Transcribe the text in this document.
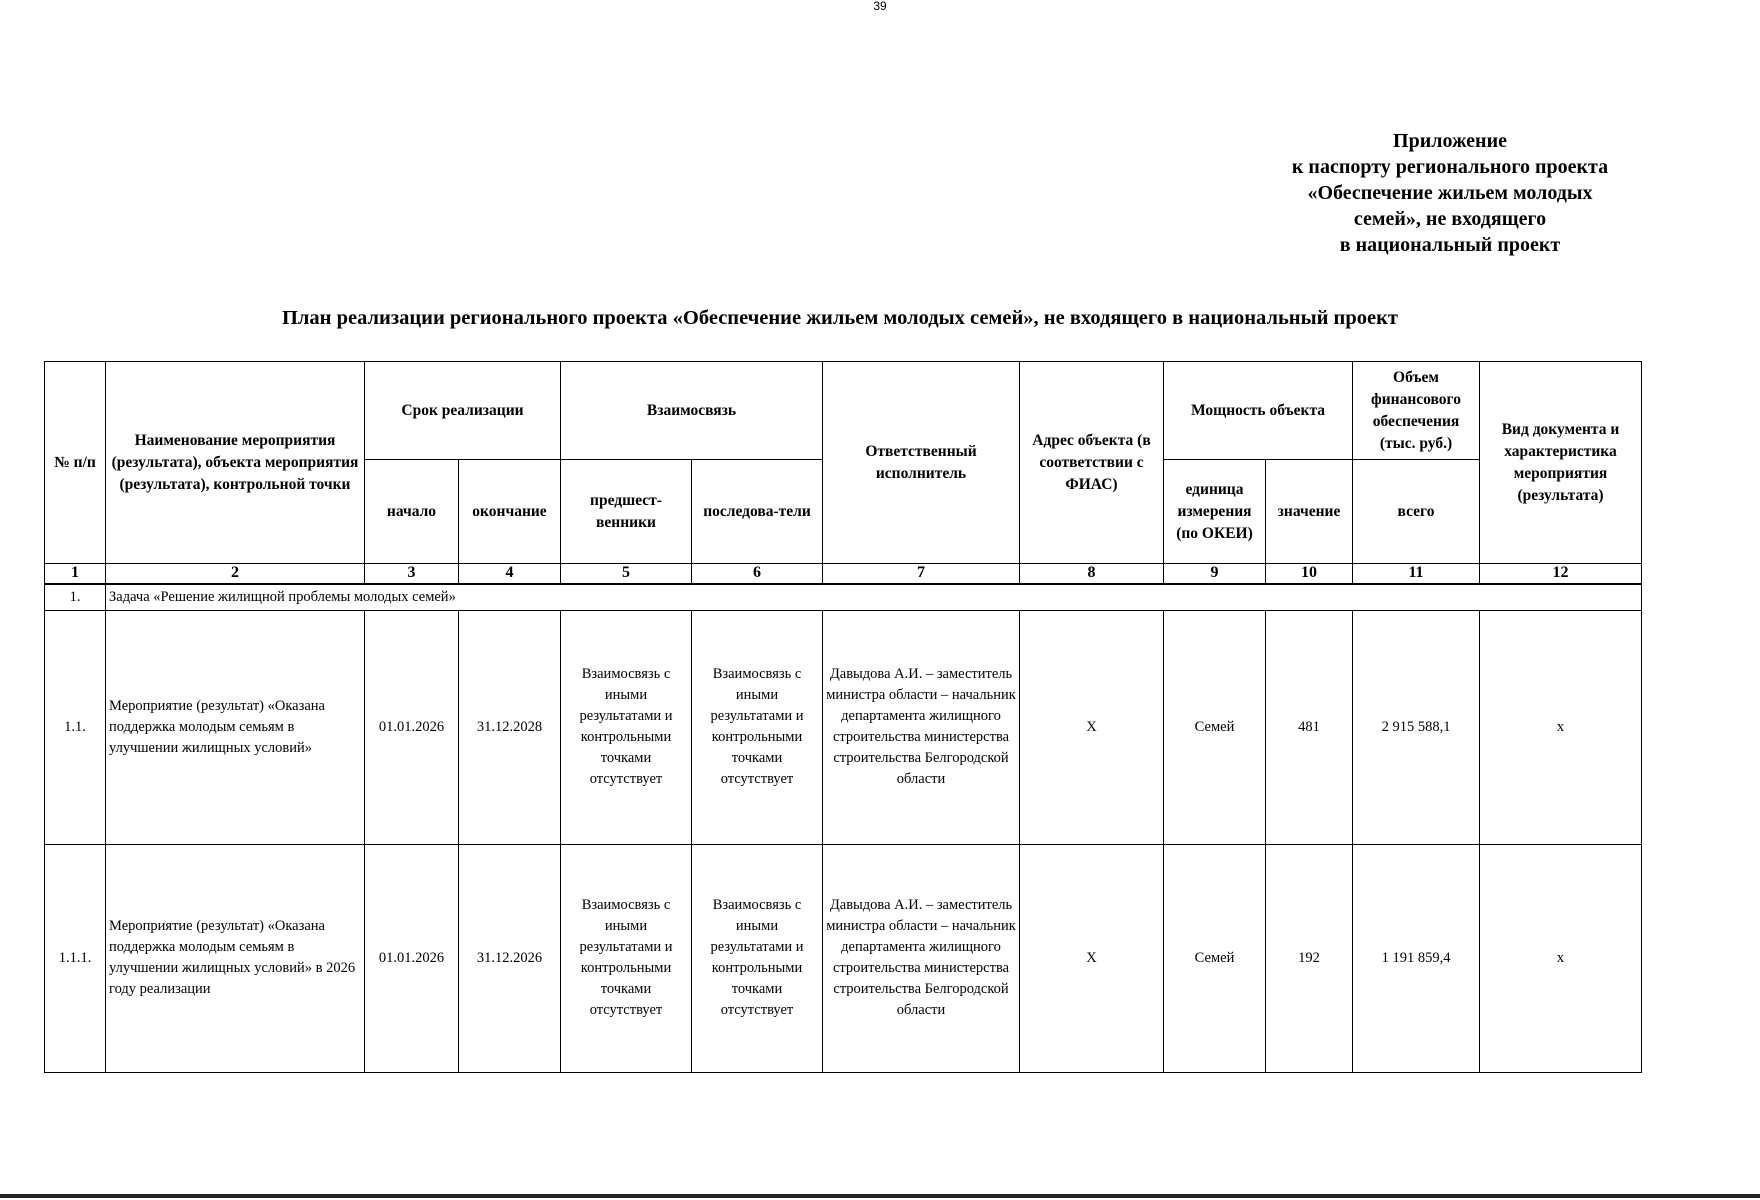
39
Приложение
к паспорту регионального проекта
«Обеспечение жильем молодых
семей», не входящего
в национальный проект
План реализации регионального проекта «Обеспечение жильем молодых семей», не входящего в национальный проект
№ п/п	Наименование мероприятия (результата), объекта мероприятия (результата), контрольной точки	Срок реализации		Взаимосвязь		Ответственный исполнитель	Адрес объекта (в соответствии с ФИАС)	Мощность объекта		Объем финансового обеспечения (тыс. руб.)	Вид документа и характеристика мероприятия (результата)
		начало	окончание	предшест-венники	последова-тели			единица измерения (по ОКЕИ)	значение	всего	
1	2	3	4	5	6	7	8	9	10	11	12
1.	Задача «Решение жилищной проблемы молодых семей»										
1.1.	Мероприятие (результат) «Оказана поддержка молодым семьям в улучшении жилищных условий»	01.01.2026	31.12.2028	Взаимосвязь с иными результатами и контрольными точками отсутствует	Взаимосвязь с иными результатами и контрольными точками отсутствует	Давыдова А.И. – заместитель министра области – начальник департамента жилищного строительства министерства строительства Белгородской области	Х	Семей	481	2 915 588,1	х
1.1.1.	Мероприятие (результат) «Оказана поддержка молодым семьям в улучшении жилищных условий» в 2026 году реализации	01.01.2026	31.12.2026	Взаимосвязь с иными результатами и контрольными точками отсутствует	Взаимосвязь с иными результатами и контрольными точками отсутствует	Давыдова А.И. – заместитель министра области – начальник департамента жилищного строительства министерства строительства Белгородской области	Х	Семей	192	1 191 859,4	х
